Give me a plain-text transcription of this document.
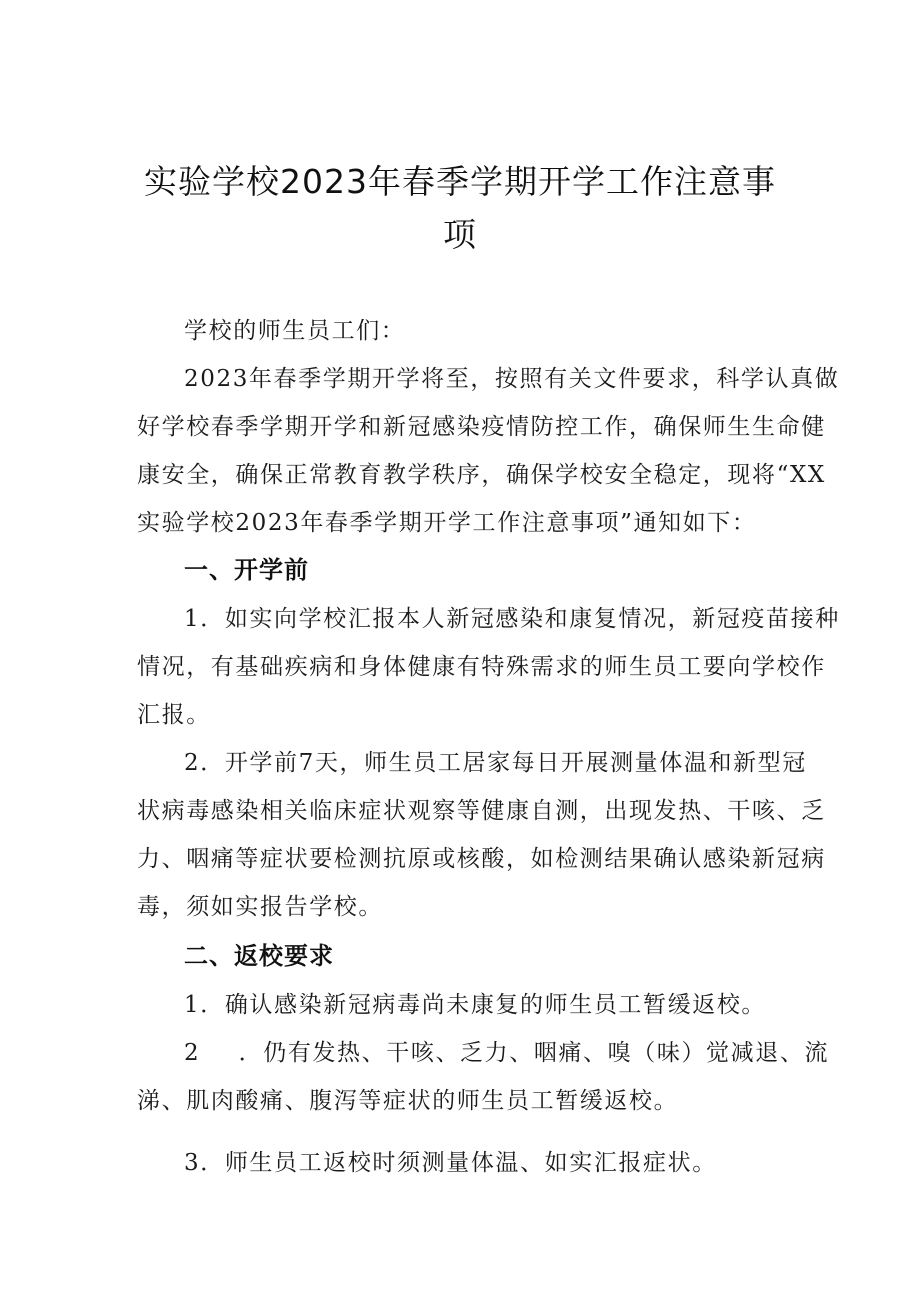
实验学校2023年春季学期开学工作注意事
项
学校的师生员工们：
2023年春季学期开学将至，按照有关文件要求，科学认真做
好学校春季学期开学和新冠感染疫情防控工作，确保师生生命健
康安全，确保正常教育教学秩序，确保学校安全稳定，现将“XX
实验学校2023年春季学期开学工作注意事项”通知如下：
一、开学前
1．如实向学校汇报本人新冠感染和康复情况，新冠疫苗接种
情况，有基础疾病和身体健康有特殊需求的师生员工要向学校作
汇报。
2．开学前7天，师生员工居家每日开展测量体温和新型冠
状病毒感染相关临床症状观察等健康自测，出现发热、干咳、乏
力、咽痛等症状要检测抗原或核酸，如检测结果确认感染新冠病
毒，须如实报告学校。
二、返校要求
1．确认感染新冠病毒尚未康复的师生员工暂缓返校。
2 ．仍有发热、干咳、乏力、咽痛、嗅（味）觉减退、流
涕、肌肉酸痛、腹泻等症状的师生员工暂缓返校。
3．师生员工返校时须测量体温、如实汇报症状。
